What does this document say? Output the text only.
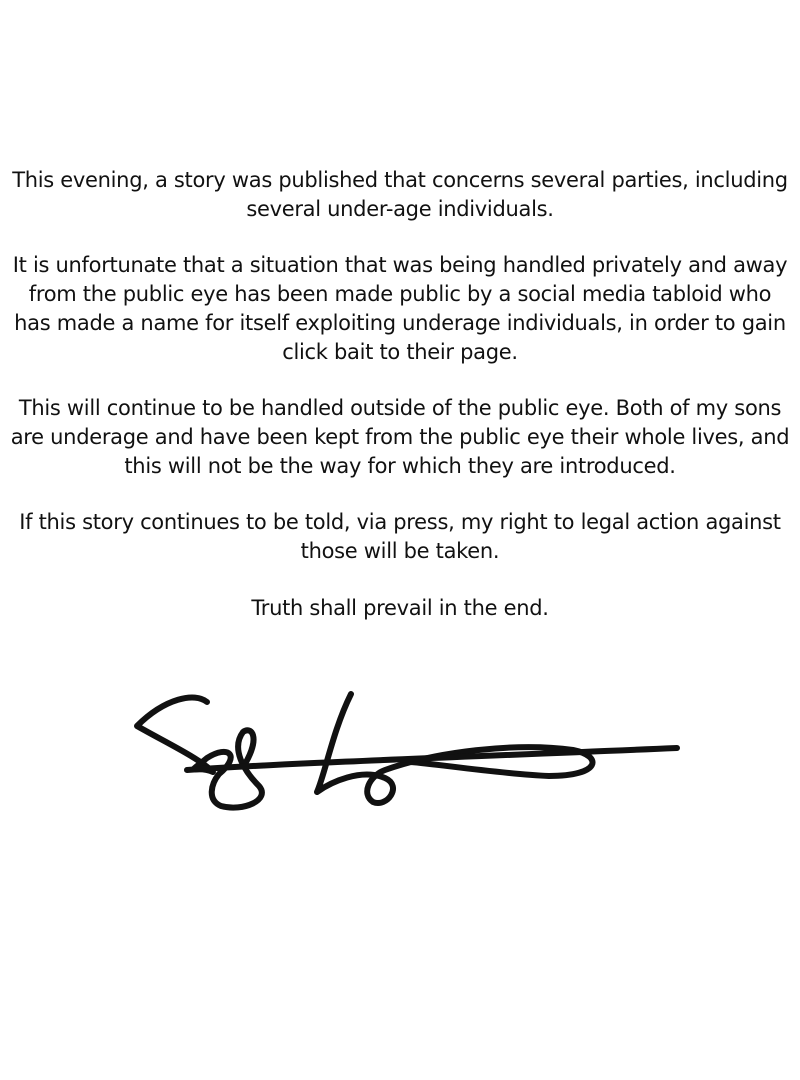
This evening, a story was published that concerns several parties, including
several under-age individuals.

It is unfortunate that a situation that was being handled privately and away
from the public eye has been made public by a social media tabloid who
has made a name for itself exploiting underage individuals, in order to gain
click bait to their page.

This will continue to be handled outside of the public eye. Both of my sons
are underage and have been kept from the public eye their whole lives, and
this will not be the way for which they are introduced.

If this story continues to be told, via press, my right to legal action against
those will be taken.

Truth shall prevail in the end.
